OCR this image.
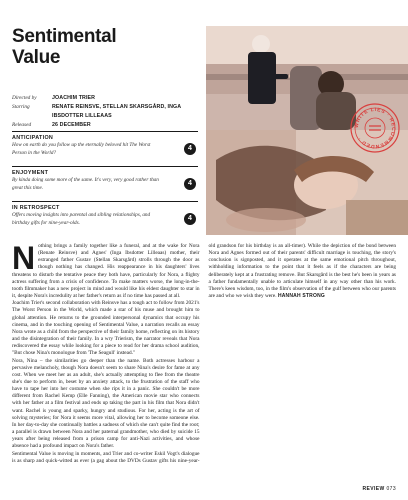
Sentimental
Value
Directed by	JOACHIM TRIER
Starring	RENATE REINSVE, STELLAN SKARSGÅRD, INGA IBSDOTTER LILLEAAS
Released	26 DECEMBER
ANTICIPATION
How on earth do you follow up the eternally beloved hit The Worst Person in the World?
4
ENJOYMENT
By kinda doing some more of the same. It's very, very good rather than great this time.
4
IN RETROSPECT
Offers moving insights into parental and sibling relationships, and birthday gifts for nine-year-olds.
4
WHITE LIES · RECOMMENDED ·

Nothing brings a family together like a funeral, and at the wake for Nora (Renate Reinsve) and Agnes' (Inga Ibsdotter Lilleaas) mother, their estranged father Gustav (Stellan Skarsgård) strolls through the door as though nothing has changed. His reappearance in his daughters' lives threatens to disturb the tentative peace they both have, particularly for Nora, a flighty actress suffering from a crisis of confidence. To make matters worse, the long-in-the-tooth filmmaker has a new project in mind and would like his eldest daughter to star in it, despite Nora's incredulity at her father's return as if no time has passed at all.

Joachim Trier's second collaboration with Reinsve has a tough act to follow from 2021's The Worst Person in the World, which made a star of his muse and brought him to global attention. He returns to the grounded interpersonal dynamics that occupy his cinema, and in the touching opening of Sentimental Value, a narration recalls an essay Nora wrote as a child from the perspective of their family home, reflecting on its history and the disintegration of their family. In a wry Trierism, the narrator reveals that Nora rediscovered the essay while looking for a piece to read for her drama school audition, "But chose Nina's monologue from 'The Seagull' instead."

Nora, Nina – the similarities go deeper than the name. Both actresses harbour a pervasive melancholy, though Nora doesn't seem to share Nina's desire for fame at any cost. When we meet her as an adult, she's actually attempting to flee from the theatre she's due to perform in, beset by an anxiety attack, to the frustration of the staff who have to tape her into her costume when she rips it in a panic. She couldn't be more different from Rachel Kemp (Elle Fanning), the American movie star who connects with her father at a film festival and ends up taking the part in his film that Nora didn't want. Rachel is young and sparky, hungry and studious. For her, acting is the art of solving mysteries; for Nora it seems more vital, allowing her to become someone else. In her day-to-day she continually battles a sadness of which she can't quite find the root; a parallel is drawn between Nora and her paternal grandmother, who died by suicide 15 years after being released from a prison camp for anti-Nazi activities, and whose absence had a profound impact on Nora's father.

Sentimental Value is moving in moments, and Trier and co-writer Eskil Vogt's dialogue is as sharp and quick-witted as ever (a gag about the DVDs Gustav gifts his nine-year-old grandson for his birthday is an all-timer). While the depiction of the bond between Nora and Agnes formed out of their parents' difficult marriage is touching, the story's conclusion is signposted, and it operates at the same emotional pitch throughout, withholding information to the point that it feels as if the characters are being deliberately kept at a frustrating remove. But Skarsgård is the best he's been in years as a father fundamentally unable to articulate himself in any way other than his work. There's keen wisdom, too, in the film's observation of the gulf between who our parents are and who we wish they were. HANNAH STRONG

REVIEW 073
